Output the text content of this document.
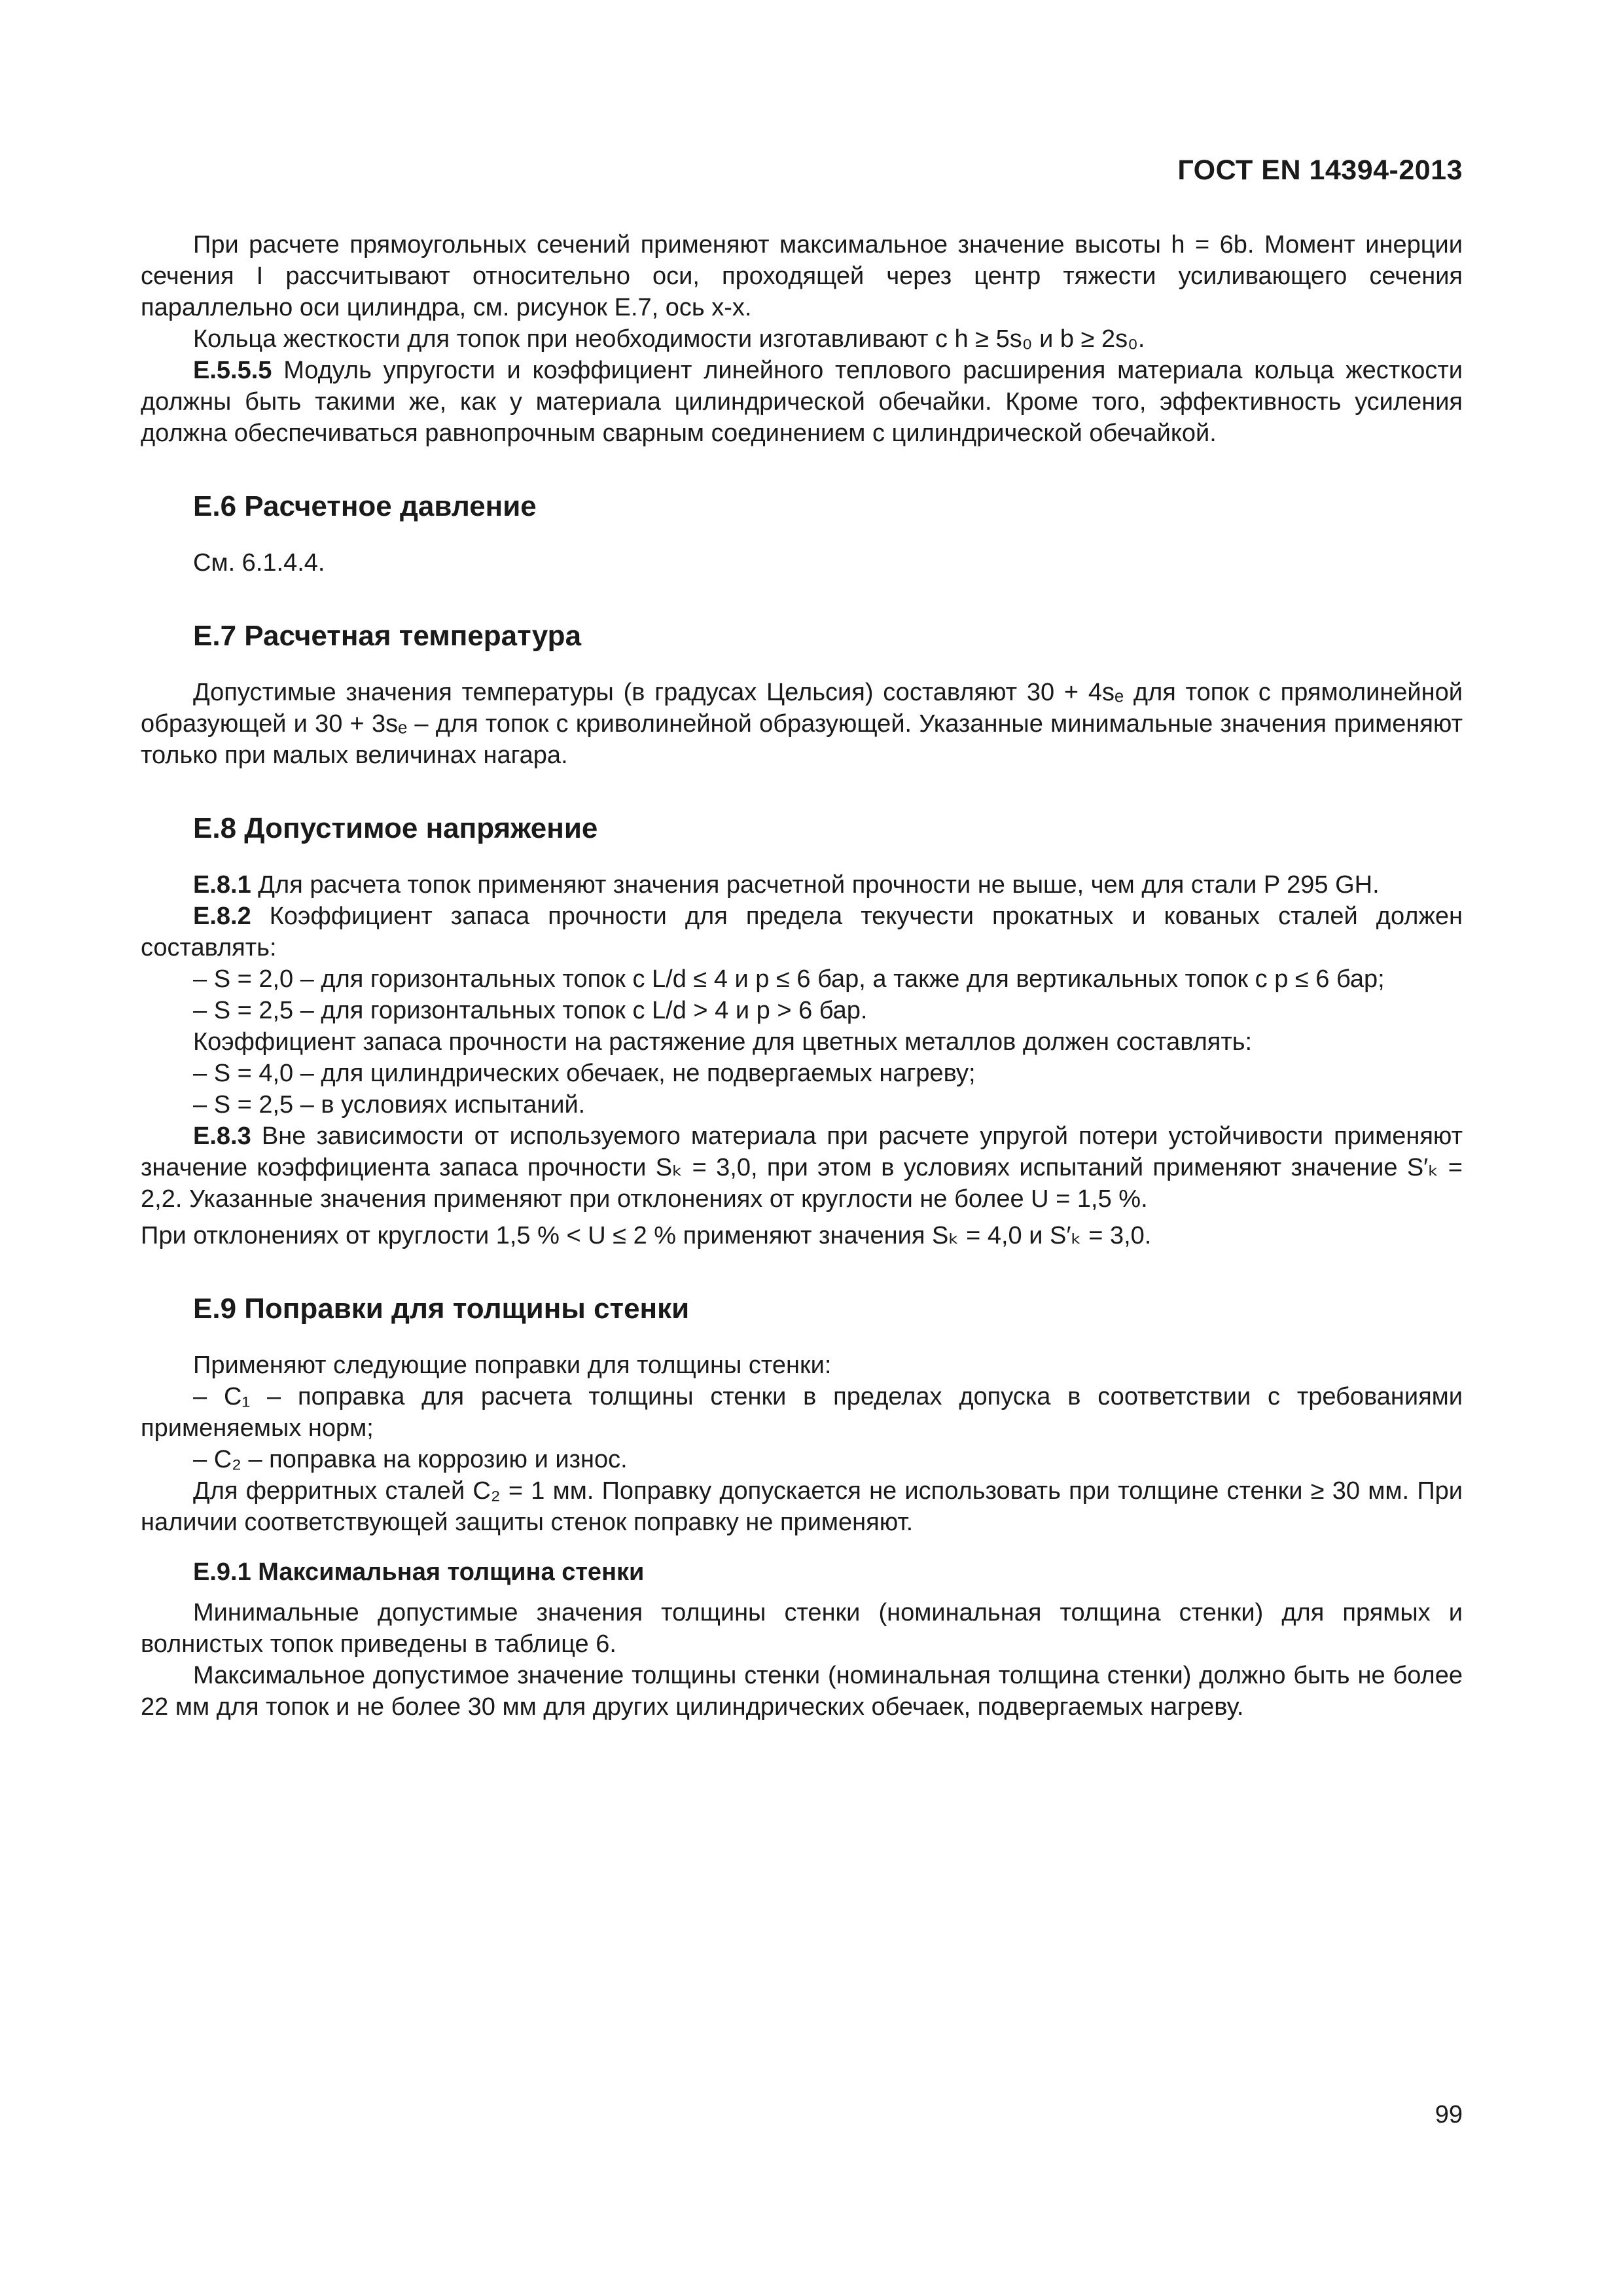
ГОСТ EN 14394-2013

При расчете прямоугольных сечений применяют максимальное значение высоты h = 6b. Момент инерции сечения I рассчитывают относительно оси, проходящей через центр тяжести усиливающего сечения параллельно оси цилиндра, см. рисунок E.7, ось x-x.

Кольца жесткости для топок при необходимости изготавливают с h ≥ 5s₀ и b ≥ 2s₀.

E.5.5.5 Модуль упругости и коэффициент линейного теплового расширения материала кольца жесткости должны быть такими же, как у материала цилиндрической обечайки. Кроме того, эффективность усиления должна обеспечиваться равнопрочным сварным соединением с цилиндрической обечайкой.

E.6 Расчетное давление

См. 6.1.4.4.

E.7 Расчетная температура

Допустимые значения температуры (в градусах Цельсия) составляют 30 + 4sₑ для топок с прямолинейной образующей и 30 + 3sₑ – для топок с криволинейной образующей. Указанные минимальные значения применяют только при малых величинах нагара.

E.8 Допустимое напряжение

E.8.1 Для расчета топок применяют значения расчетной прочности не выше, чем для стали P 295 GH.

E.8.2 Коэффициент запаса прочности для предела текучести прокатных и кованых сталей должен составлять:

– S = 2,0 – для горизонтальных топок с L/d ≤ 4 и p ≤ 6 бар, а также для вертикальных топок с p ≤ 6 бар;

– S = 2,5 – для горизонтальных топок с L/d > 4 и p > 6 бар.

Коэффициент запаса прочности на растяжение для цветных металлов должен составлять:

– S = 4,0 – для цилиндрических обечаек, не подвергаемых нагреву;

– S = 2,5 – в условиях испытаний.

E.8.3 Вне зависимости от используемого материала при расчете упругой потери устойчивости применяют значение коэффициента запаса прочности Sₖ = 3,0, при этом в условиях испытаний применяют значение S′ₖ = 2,2. Указанные значения применяют при отклонениях от круглости не более U = 1,5 %.

При отклонениях от круглости 1,5 % < U ≤ 2 % применяют значения Sₖ = 4,0 и S′ₖ = 3,0.

E.9 Поправки для толщины стенки

Применяют следующие поправки для толщины стенки:

– C₁ – поправка для расчета толщины стенки в пределах допуска в соответствии с требованиями применяемых норм;

– C₂ – поправка на коррозию и износ.

Для ферритных сталей C₂ = 1 мм. Поправку допускается не использовать при толщине стенки ≥ 30 мм. При наличии соответствующей защиты стенок поправку не применяют.

E.9.1 Максимальная толщина стенки

Минимальные допустимые значения толщины стенки (номинальная толщина стенки) для прямых и волнистых топок приведены в таблице 6.

Максимальное допустимое значение толщины стенки (номинальная толщина стенки) должно быть не более 22 мм для топок и не более 30 мм для других цилиндрических обечаек, подвергаемых нагреву.

99
